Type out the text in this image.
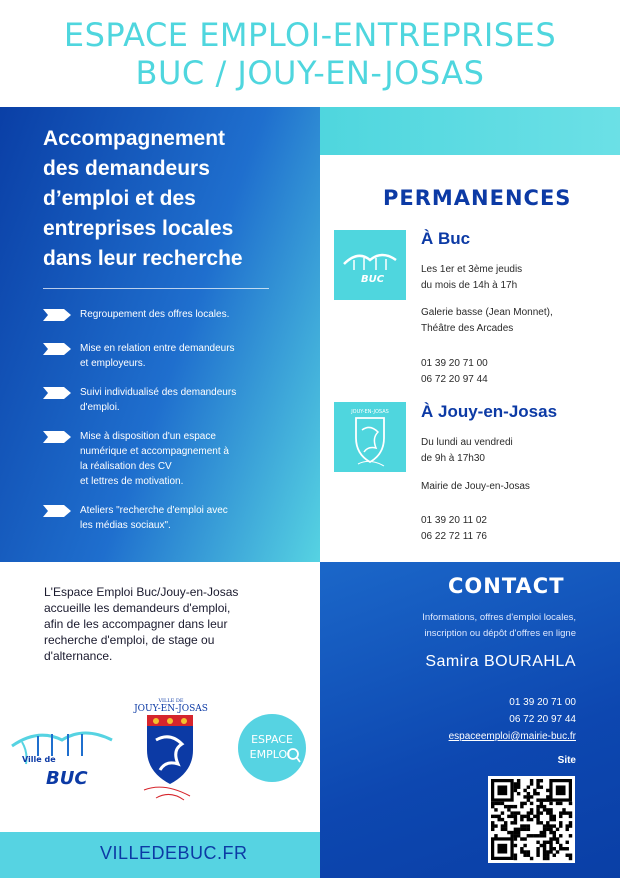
ESPACE EMPLOI-ENTREPRISES
BUC / JOUY-EN-JOSAS
Accompagnement
des demandeurs
d’emploi et des
entreprises locales
dans leur recherche
Regroupement des offres locales.
Mise en relation entre demandeurs
et employeurs.
Suivi individualisé des demandeurs
d'emploi.
Mise à disposition d'un espace
numérique et accompagnement à
la réalisation des CV
et lettres de motivation.
Ateliers "recherche d'emploi avec
les médias sociaux".
PERMANENCES
BUC
À Buc
Les 1er et 3ème jeudis
du mois de 14h à 17h
Galerie basse (Jean Monnet),
Théâtre des Arcades
01 39 20 71 00
06 72 20 97 44
JOUY-EN-JOSAS À Jouy-en-Josas
Du lundi au vendredi
de 9h à 17h30
Mairie de Jouy-en-Josas
01 39 20 11 02
06 22 72 11 76
L'Espace Emploi Buc/Jouy-en-Josas
accueille les demandeurs d'emploi,
afin de les accompagner dans leur
recherche d'emploi, de stage ou
d'alternance.
Ville de
BUC
VILLE DE
JOUY-EN-JOSAS
ESPACE
EMPLOI
CONTACT
Informations, offres d'emploi locales,
inscription ou dépôt d'offres en ligne
Samira BOURAHLA
01 39 20 71 00
06 72 20 97 44
espaceemploi@mairie-buc.fr
Site
VILLEDEBUC.FR
